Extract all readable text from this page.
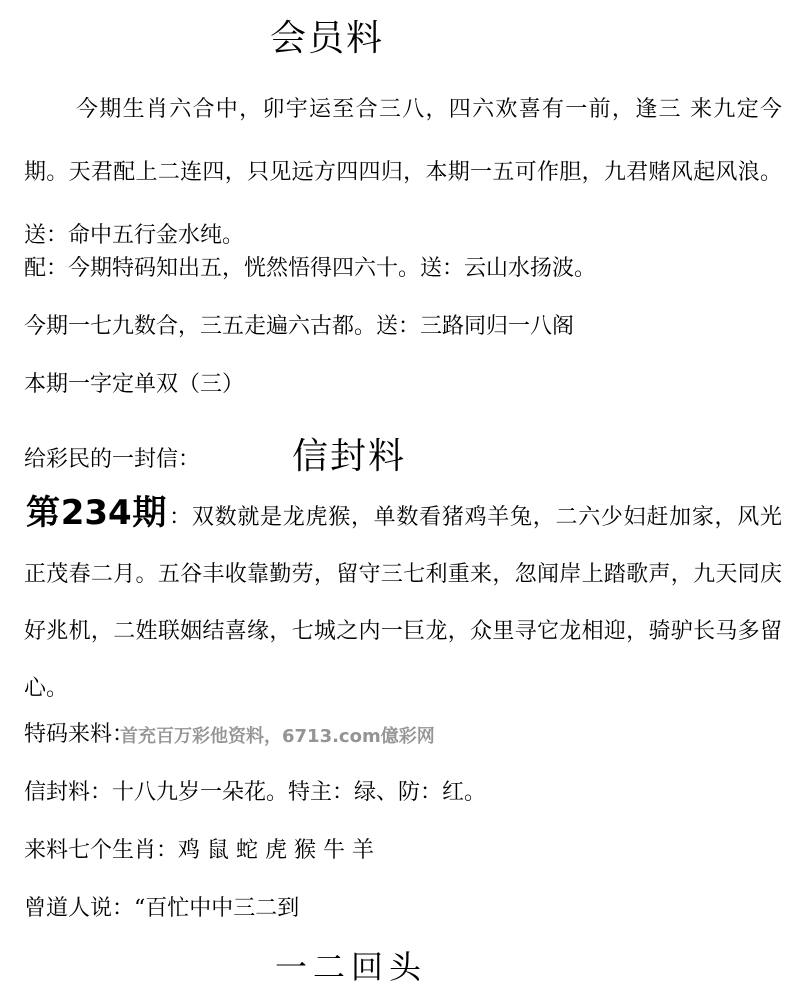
会员料
今期生肖六合中，卯宇运至合三八，四六欢喜有一前，逢三 来九定今期。天君配上二连四，只见远方四四归，本期一五可作胆，九君赌风起风浪。送：命中五行金水纯。
配：今期特码知出五，恍然悟得四六十。送：云山水扬波。
今期一七九数合，三五走遍六古都。送：三路同归一八阁
本期一字定单双（三）
给彩民的一封信：	信封料
第234期：双数就是龙虎猴，单数看猪鸡羊兔，二六少妇赶加家，风光正茂春二月。五谷丰收靠勤劳，留守三七利重来，忽闻岸上踏歌声，九天同庆好兆机，二姓联姻结喜缘，七城之内一巨龙，众里寻它龙相迎，骑驴长马多留心。
特码来料：
首充百万彩他资料，6713.com億彩网
信封料：十八九岁一朵花。特主：绿、防：红。
来料七个生肖：鸡 鼠 蛇 虎 猴 牛 羊
曾道人说：“百忙中中三二到
一二回头
